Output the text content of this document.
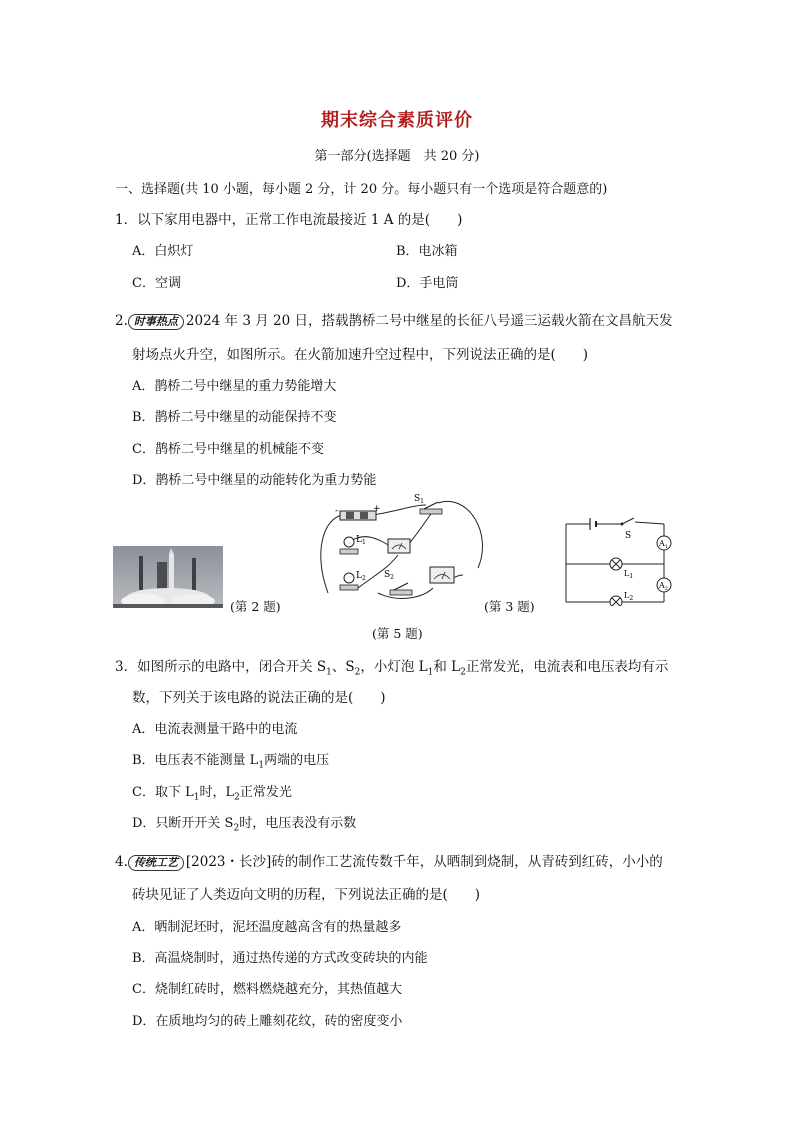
期末综合素质评价
第一部分(选择题　共 20 分)
一、选择题(共 10 小题，每小题 2 分，计 20 分。每小题只有一个选项是符合题意的)
1．以下家用电器中，正常工作电流最接近 1 A 的是(　　)
A．白炽灯	B．电冰箱
C．空调	D．手电筒
2. 时事热点 2024 年 3 月 20 日，搭载鹊桥二号中继星的长征八号遥三运载火箭在文昌航天发
射场点火升空，如图所示。在火箭加速升空过程中，下列说法正确的是(　　)
A．鹊桥二号中继星的重力势能增大
B．鹊桥二号中继星的动能保持不变
C．鹊桥二号中继星的机械能不变
D．鹊桥二号中继星的动能转化为重力势能
(第 2 题)
-	+
$S_1$
$L_1$
$L_2$ $S_2$
(第 3 题)
S
$L_1$
$L_2$
$A_1$
$A_2$
(第 5 题)
3．如图所示的电路中，闭合开关 $S_1$、$S_2$，小灯泡 $L_1$和 $L_2$正常发光，电流表和电压表均有示
数，下列关于该电路的说法正确的是(　　)
A．电流表测量干路中的电流
B．电压表不能测量 $L_1$两端的电压
C．取下 $L_1$时，$L_2$正常发光
D．只断开开关 $S_2$时，电压表没有示数
4. 传统工艺 [2023・长沙]砖的制作工艺流传数千年，从晒制到烧制，从青砖到红砖，小小的
砖块见证了人类迈向文明的历程，下列说法正确的是(　　)
A．晒制泥坯时，泥坯温度越高含有的热量越多
B．高温烧制时，通过热传递的方式改变砖块的内能
C．烧制红砖时，燃料燃烧越充分，其热值越大
D．在质地均匀的砖上雕刻花纹，砖的密度变小
